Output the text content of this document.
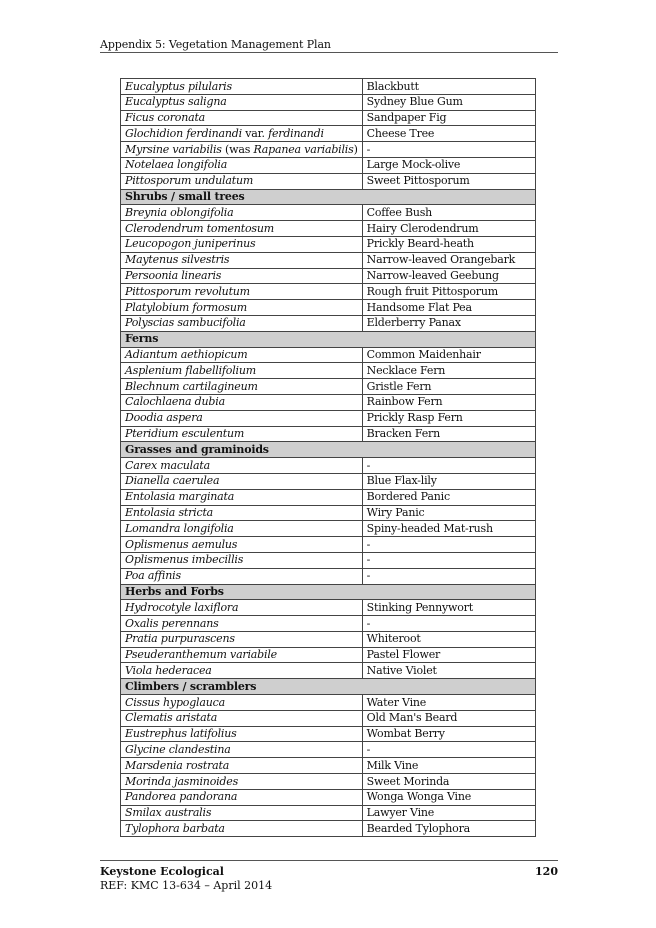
Appendix 5: Vegetation Management Plan
Eucalyptus pilularis	Blackbutt
Eucalyptus saligna	Sydney Blue Gum
Ficus coronata	Sandpaper Fig
Glochidion ferdinandi var. ferdinandi	Cheese Tree
Myrsine variabilis (was Rapanea variabilis)	-
Notelaea longifolia	Large Mock-olive
Pittosporum undulatum	Sweet Pittosporum
Shrubs / small trees	
Breynia oblongifolia	Coffee Bush
Clerodendrum tomentosum	Hairy Clerodendrum
Leucopogon juniperinus	Prickly Beard-heath
Maytenus silvestris	Narrow-leaved Orangebark
Persoonia linearis	Narrow-leaved Geebung
Pittosporum revolutum	Rough fruit Pittosporum
Platylobium formosum	Handsome Flat Pea
Polyscias sambucifolia	Elderberry Panax
Ferns	
Adiantum aethiopicum	Common Maidenhair
Asplenium flabellifolium	Necklace Fern
Blechnum cartilagineum	Gristle Fern
Calochlaena dubia	Rainbow Fern
Doodia aspera	Prickly Rasp Fern
Pteridium esculentum	Bracken Fern
Grasses and graminoids	
Carex maculata	-
Dianella caerulea	Blue Flax-lily
Entolasia marginata	Bordered Panic
Entolasia stricta	Wiry Panic
Lomandra longifolia	Spiny-headed Mat-rush
Oplismenus aemulus	-
Oplismenus imbecillis	-
Poa affinis	-
Herbs and Forbs	
Hydrocotyle laxiflora	Stinking Pennywort
Oxalis perennans	-
Pratia purpurascens	Whiteroot
Pseuderanthemum variabile	Pastel Flower
Viola hederacea	Native Violet
Climbers / scramblers	
Cissus hypoglauca	Water Vine
Clematis aristata	Old Man's Beard
Eustrephus latifolius	Wombat Berry
Glycine clandestina	-
Marsdenia rostrata	Milk Vine
Morinda jasminoides	Sweet Morinda
Pandorea pandorana	Wonga Wonga Vine
Smilax australis	Lawyer Vine
Tylophora barbata	Bearded Tylophora
Keystone Ecological
REF: KMC 13-634 – April 2014
120
